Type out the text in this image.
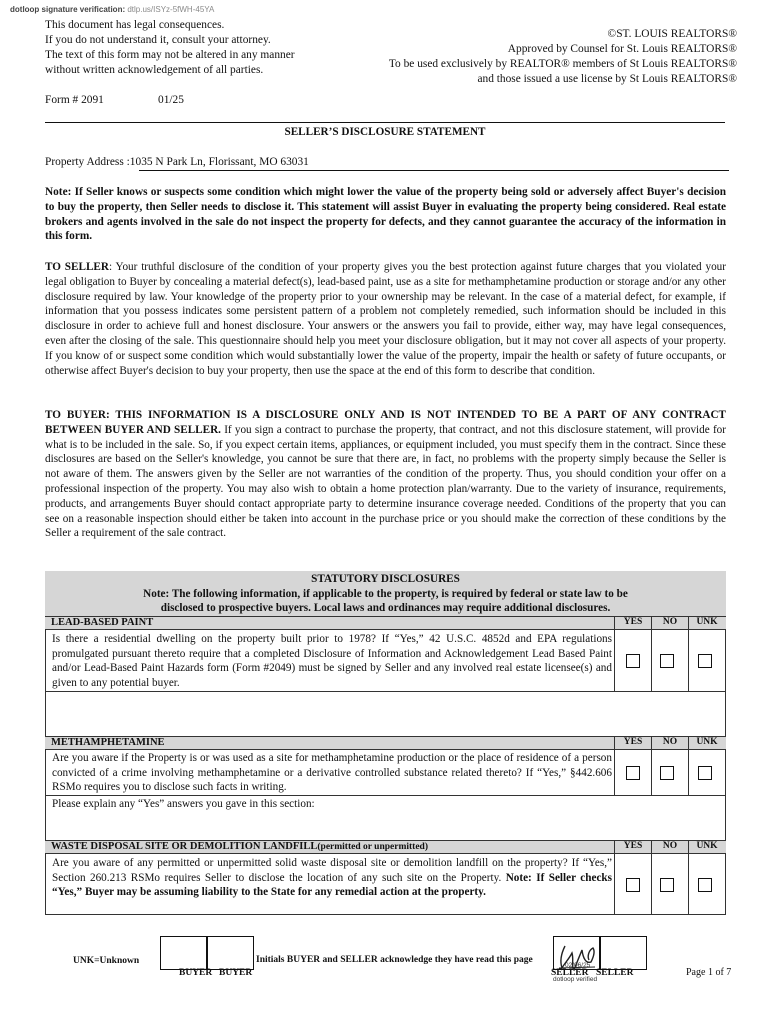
dotloop signature verification: dtlp.us/ISYz-5fWH-45YA
This document has legal consequences.
If you do not understand it, consult your attorney.
The text of this form may not be altered in any manner
without written acknowledgement of all parties.
Form # 2091	01/25
©ST. LOUIS REALTORS®
Approved by Counsel for St. Louis REALTORS®
To be used exclusively by REALTOR® members of St Louis REALTORS®
and those issued a use license by St Louis REALTORS®
SELLER’S DISCLOSURE STATEMENT
Property Address :1035 N Park Ln, Florissant, MO 63031
Note: If Seller knows or suspects some condition which might lower the value of the property being sold or adversely affect Buyer's decision to buy the property, then Seller needs to disclose it. This statement will assist Buyer in evaluating the property being considered. Real estate brokers and agents involved in the sale do not inspect the property for defects, and they cannot guarantee the accuracy of the information in this form.
TO SELLER: Your truthful disclosure of the condition of your property gives you the best protection against future charges that you violated your legal obligation to Buyer by concealing a material defect(s), lead-based paint, use as a site for methamphetamine production or storage and/or any other disclosure required by law. Your knowledge of the property prior to your ownership may be relevant. In the case of a material defect, for example, if information that you possess indicates some persistent pattern of a problem not completely remedied, such information should be included in this disclosure in order to achieve full and honest disclosure. Your answers or the answers you fail to provide, either way, may have legal consequences, even after the closing of the sale. This questionnaire should help you meet your disclosure obligation, but it may not cover all aspects of your property. If you know of or suspect some condition which would substantially lower the value of the property, impair the health or safety of future occupants, or otherwise affect Buyer's decision to buy your property, then use the space at the end of this form to describe that condition.
TO BUYER: THIS INFORMATION IS A DISCLOSURE ONLY AND IS NOT INTENDED TO BE A PART OF ANY CONTRACT BETWEEN BUYER AND SELLER. If you sign a contract to purchase the property, that contract, and not this disclosure statement, will provide for what is to be included in the sale. So, if you expect certain items, appliances, or equipment included, you must specify them in the contract. Since these disclosures are based on the Seller's knowledge, you cannot be sure that there are, in fact, no problems with the property simply because the Seller is not aware of them. The answers given by the Seller are not warranties of the condition of the property. Thus, you should condition your offer on a professional inspection of the property. You may also wish to obtain a home protection plan/warranty. Due to the variety of insurance, requirements, products, and arrangements Buyer should contact appropriate party to determine insurance coverage needed. Conditions of the property that you can see on a reasonable inspection should either be taken into account in the purchase price or you should make the correction of these conditions by the Seller a requirement of the sale contract.
STATUTORY DISCLOSURES
Note: The following information, if applicable to the property, is required by federal or state law to be
disclosed to prospective buyers. Local laws and ordinances may require additional disclosures.
LEAD-BASED PAINT	YES	NO	UNK
Is there a residential dwelling on the property built prior to 1978? If “Yes,” 42 U.S.C. 4852d and EPA regulations promulgated pursuant thereto require that a completed Disclosure of Information and Acknowledgement Lead Based Paint and/or Lead-Based Paint Hazards form (Form #2049) must be signed by Seller and any involved real estate licensee(s) and given to any potential buyer.
METHAMPHETAMINE	YES	NO	UNK
Are you aware if the Property is or was used as a site for methamphetamine production or the place of residence of a person convicted of a crime involving methamphetamine or a derivative controlled substance related thereto? If “Yes,” §442.606 RSMo requires you to disclose such facts in writing.
Please explain any “Yes” answers you gave in this section:
WASTE DISPOSAL SITE OR DEMOLITION LANDFILL(permitted or unpermitted)	YES	NO	UNK
Are you aware of any permitted or unpermitted solid waste disposal site or demolition landfill on the property? If “Yes,” Section 260.213 RSMo requires Seller to disclose the location of any such site on the Property. Note: If Seller checks “Yes,” Buyer may be assuming liability to the State for any remedial action at the property.
UNK=Unknown
BUYER BUYER
Initials BUYER and SELLER acknowledge they have read this page
SELLER SELLER
02/06/25
dotloop verified
Page 1 of 7
